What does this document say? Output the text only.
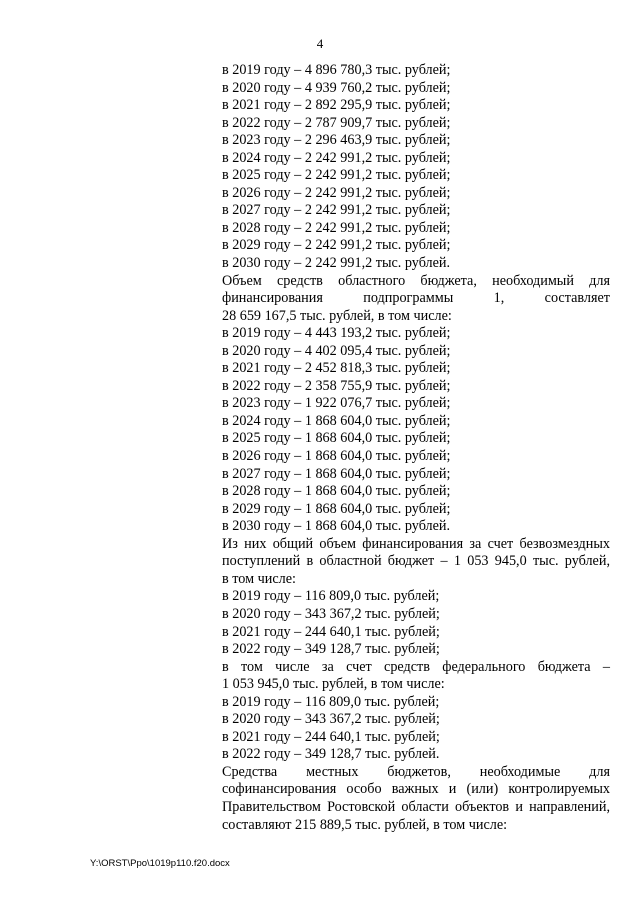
4
в 2019 году – 4 896 780,3 тыс. рублей;
в 2020 году – 4 939 760,2 тыс. рублей;
в 2021 году – 2 892 295,9 тыс. рублей;
в 2022 году – 2 787 909,7 тыс. рублей;
в 2023 году – 2 296 463,9 тыс. рублей;
в 2024 году – 2 242 991,2 тыс. рублей;
в 2025 году – 2 242 991,2 тыс. рублей;
в 2026 году – 2 242 991,2 тыс. рублей;
в 2027 году – 2 242 991,2 тыс. рублей;
в 2028 году – 2 242 991,2 тыс. рублей;
в 2029 году – 2 242 991,2 тыс. рублей;
в 2030 году – 2 242 991,2 тыс. рублей.
Объем средств областного бюджета, необходимый для
финансирования подпрограммы 1, составляет
28 659 167,5 тыс. рублей, в том числе:
в 2019 году – 4 443 193,2 тыс. рублей;
в 2020 году – 4 402 095,4 тыс. рублей;
в 2021 году – 2 452 818,3 тыс. рублей;
в 2022 году – 2 358 755,9 тыс. рублей;
в 2023 году – 1 922 076,7 тыс. рублей;
в 2024 году – 1 868 604,0 тыс. рублей;
в 2025 году – 1 868 604,0 тыс. рублей;
в 2026 году – 1 868 604,0 тыс. рублей;
в 2027 году – 1 868 604,0 тыс. рублей;
в 2028 году – 1 868 604,0 тыс. рублей;
в 2029 году – 1 868 604,0 тыс. рублей;
в 2030 году – 1 868 604,0 тыс. рублей.
Из них общий объем финансирования за счет безвозмездных
поступлений в областной бюджет – 1 053 945,0 тыс. рублей,
в том числе:
в 2019 году – 116 809,0 тыс. рублей;
в 2020 году – 343 367,2 тыс. рублей;
в 2021 году – 244 640,1 тыс. рублей;
в 2022 году – 349 128,7 тыс. рублей;
в том числе за счет средств федерального бюджета –
1 053 945,0 тыс. рублей, в том числе:
в 2019 году – 116 809,0 тыс. рублей;
в 2020 году – 343 367,2 тыс. рублей;
в 2021 году – 244 640,1 тыс. рублей;
в 2022 году – 349 128,7 тыс. рублей.
Средства местных бюджетов, необходимые для
софинансирования особо важных и (или) контролируемых
Правительством Ростовской области объектов и направлений,
составляют 215 889,5 тыс. рублей, в том числе:
Y:\ORST\Ppo\1019p110.f20.docx
